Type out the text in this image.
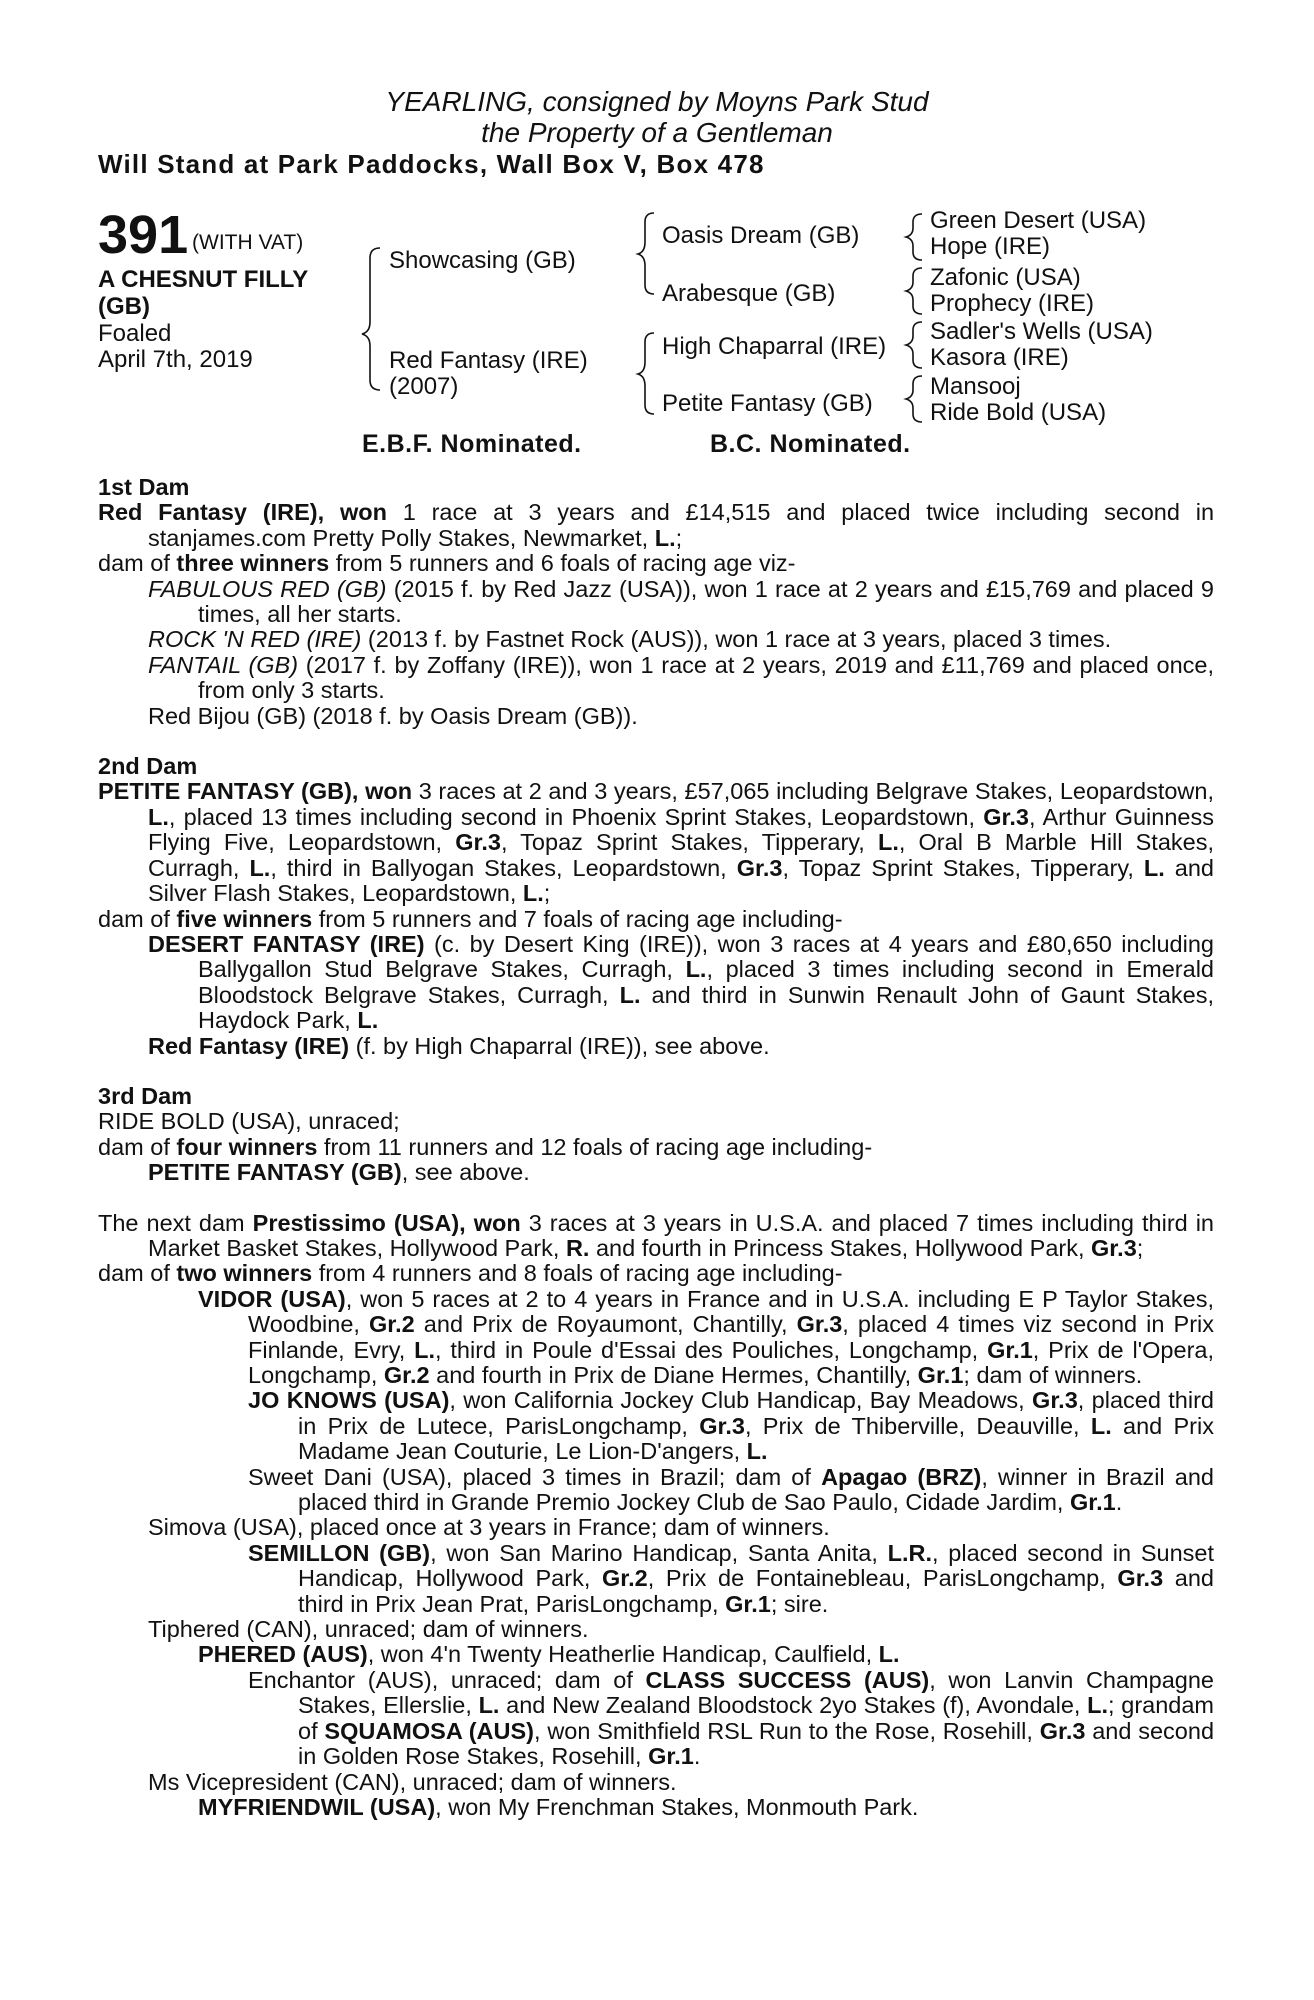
YEARLING, consigned by Moyns Park Stud
the Property of a Gentleman
Will Stand at Park Paddocks, Wall Box V, Box 478
391 (WITH VAT)
A CHESNUT FILLY
(GB)
Foaled
April 7th, 2019
Showcasing (GB)
Red Fantasy (IRE)
(2007)
Oasis Dream (GB)
Arabesque (GB)
High Chaparral (IRE)
Petite Fantasy (GB)
Green Desert (USA)
Hope (IRE)
Zafonic (USA)
Prophecy (IRE)
Sadler's Wells (USA)
Kasora (IRE)
Mansooj
Ride Bold (USA)
E.B.F. Nominated.	B.C. Nominated.

1st Dam

Red Fantasy (IRE), won 1 race at 3 years and £14,515 and placed twice including second in stanjames.com Pretty Polly Stakes, Newmarket, L.;

dam of three winners from 5 runners and 6 foals of racing age viz-

FABULOUS RED (GB) (2015 f. by Red Jazz (USA)), won 1 race at 2 years and £15,769 and placed 9 times, all her starts.

ROCK 'N RED (IRE) (2013 f. by Fastnet Rock (AUS)), won 1 race at 3 years, placed 3 times.

FANTAIL (GB) (2017 f. by Zoffany (IRE)), won 1 race at 2 years, 2019 and £11,769 and placed once, from only 3 starts.

Red Bijou (GB) (2018 f. by Oasis Dream (GB)).

2nd Dam

PETITE FANTASY (GB), won 3 races at 2 and 3 years, £57,065 including Belgrave Stakes, Leopardstown, L., placed 13 times including second in Phoenix Sprint Stakes, Leopardstown, Gr.3, Arthur Guinness Flying Five, Leopardstown, Gr.3, Topaz Sprint Stakes, Tipperary, L., Oral B Marble Hill Stakes, Curragh, L., third in Ballyogan Stakes, Leopardstown, Gr.3, Topaz Sprint Stakes, Tipperary, L. and Silver Flash Stakes, Leopardstown, L.;

dam of five winners from 5 runners and 7 foals of racing age including-

DESERT FANTASY (IRE) (c. by Desert King (IRE)), won 3 races at 4 years and £80,650 including Ballygallon Stud Belgrave Stakes, Curragh, L., placed 3 times including second in Emerald Bloodstock Belgrave Stakes, Curragh, L. and third in Sunwin Renault John of Gaunt Stakes, Haydock Park, L.

Red Fantasy (IRE) (f. by High Chaparral (IRE)), see above.

3rd Dam

RIDE BOLD (USA), unraced;

dam of four winners from 11 runners and 12 foals of racing age including-

PETITE FANTASY (GB), see above.

The next dam Prestissimo (USA), won 3 races at 3 years in U.S.A. and placed 7 times including third in Market Basket Stakes, Hollywood Park, R. and fourth in Princess Stakes, Hollywood Park, Gr.3;

dam of two winners from 4 runners and 8 foals of racing age including-

VIDOR (USA), won 5 races at 2 to 4 years in France and in U.S.A. including E P Taylor Stakes, Woodbine, Gr.2 and Prix de Royaumont, Chantilly, Gr.3, placed 4 times viz second in Prix Finlande, Evry, L., third in Poule d'Essai des Pouliches, Longchamp, Gr.1, Prix de l'Opera, Longchamp, Gr.2 and fourth in Prix de Diane Hermes, Chantilly, Gr.1; dam of winners.

JO KNOWS (USA), won California Jockey Club Handicap, Bay Meadows, Gr.3, placed third in Prix de Lutece, ParisLongchamp, Gr.3, Prix de Thiberville, Deauville, L. and Prix Madame Jean Couturie, Le Lion-D'angers, L.

Sweet Dani (USA), placed 3 times in Brazil; dam of Apagao (BRZ), winner in Brazil and placed third in Grande Premio Jockey Club de Sao Paulo, Cidade Jardim, Gr.1.

Simova (USA), placed once at 3 years in France; dam of winners.

SEMILLON (GB), won San Marino Handicap, Santa Anita, L.R., placed second in Sunset Handicap, Hollywood Park, Gr.2, Prix de Fontainebleau, ParisLongchamp, Gr.3 and third in Prix Jean Prat, ParisLongchamp, Gr.1; sire.

Tiphered (CAN), unraced; dam of winners.

PHERED (AUS), won 4'n Twenty Heatherlie Handicap, Caulfield, L.

Enchantor (AUS), unraced; dam of CLASS SUCCESS (AUS), won Lanvin Champagne Stakes, Ellerslie, L. and New Zealand Bloodstock 2yo Stakes (f), Avondale, L.; grandam of SQUAMOSA (AUS), won Smithfield RSL Run to the Rose, Rosehill, Gr.3 and second in Golden Rose Stakes, Rosehill, Gr.1.

Ms Vicepresident (CAN), unraced; dam of winners.

MYFRIENDWIL (USA), won My Frenchman Stakes, Monmouth Park.
